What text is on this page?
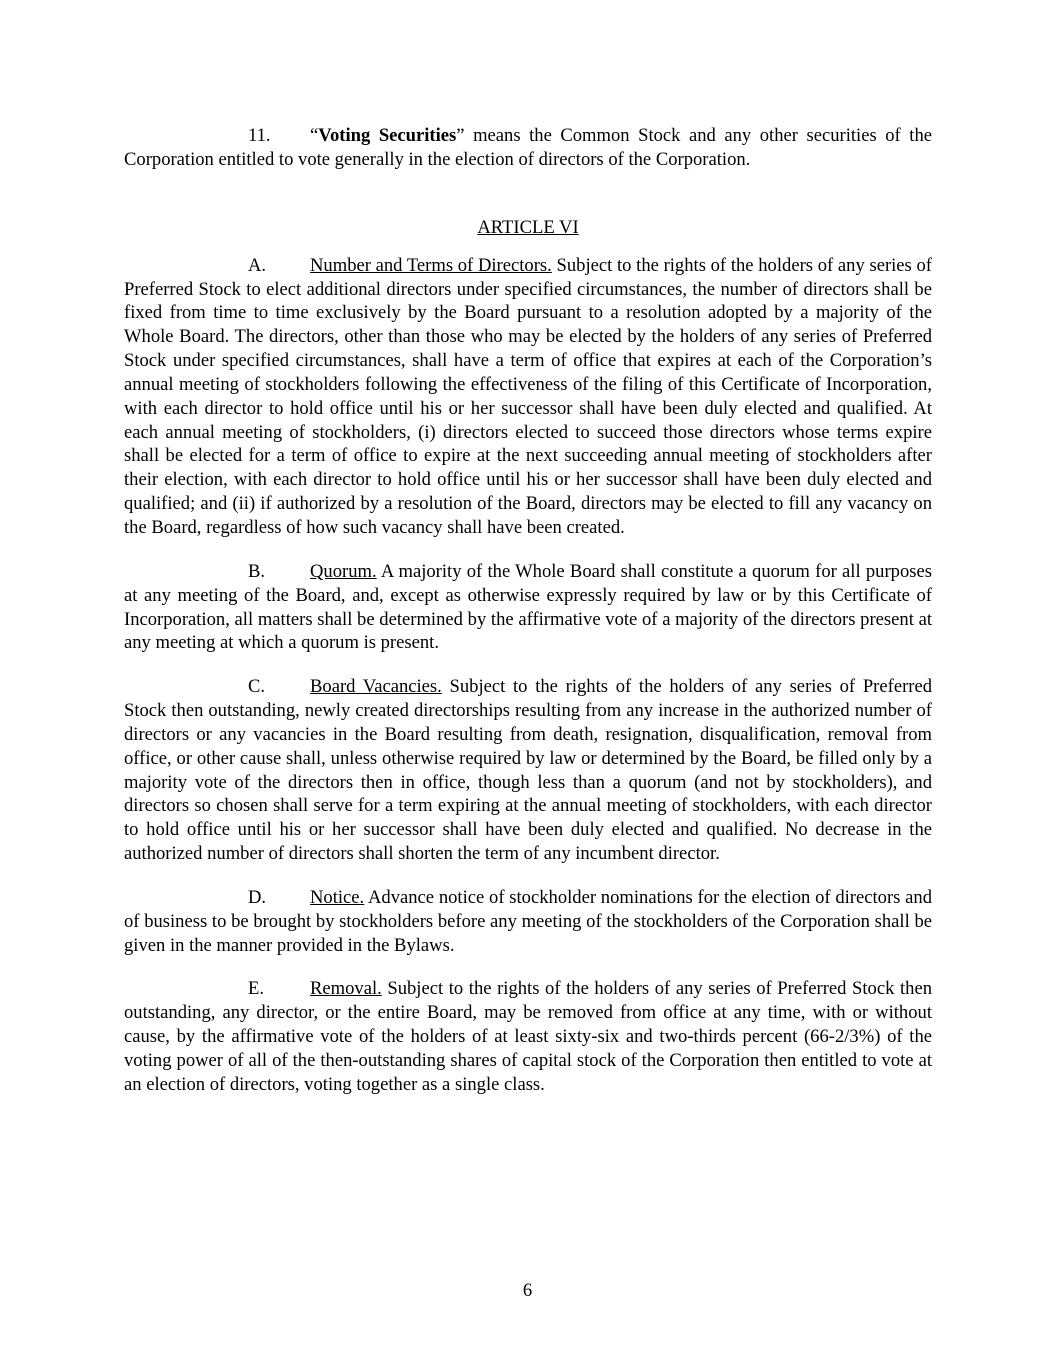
11. “Voting Securities” means the Common Stock and any other securities of the Corporation entitled to vote generally in the election of directors of the Corporation.

ARTICLE VI

A. Number and Terms of Directors. Subject to the rights of the holders of any series of Preferred Stock to elect additional directors under specified circumstances, the number of directors shall be fixed from time to time exclusively by the Board pursuant to a resolution adopted by a majority of the Whole Board. The directors, other than those who may be elected by the holders of any series of Preferred Stock under specified circumstances, shall have a term of office that expires at each of the Corporation’s annual meeting of stockholders following the effectiveness of the filing of this Certificate of Incorporation, with each director to hold office until his or her successor shall have been duly elected and qualified. At each annual meeting of stockholders, (i) directors elected to succeed those directors whose terms expire shall be elected for a term of office to expire at the next succeeding annual meeting of stockholders after their election, with each director to hold office until his or her successor shall have been duly elected and qualified; and (ii) if authorized by a resolution of the Board, directors may be elected to fill any vacancy on the Board, regardless of how such vacancy shall have been created.

B. Quorum. A majority of the Whole Board shall constitute a quorum for all purposes at any meeting of the Board, and, except as otherwise expressly required by law or by this Certificate of Incorporation, all matters shall be determined by the affirmative vote of a majority of the directors present at any meeting at which a quorum is present.

C. Board Vacancies. Subject to the rights of the holders of any series of Preferred Stock then outstanding, newly created directorships resulting from any increase in the authorized number of directors or any vacancies in the Board resulting from death, resignation, disqualification, removal from office, or other cause shall, unless otherwise required by law or determined by the Board, be filled only by a majority vote of the directors then in office, though less than a quorum (and not by stockholders), and directors so chosen shall serve for a term expiring at the annual meeting of stockholders, with each director to hold office until his or her successor shall have been duly elected and qualified. No decrease in the authorized number of directors shall shorten the term of any incumbent director.

D. Notice. Advance notice of stockholder nominations for the election of directors and of business to be brought by stockholders before any meeting of the stockholders of the Corporation shall be given in the manner provided in the Bylaws.

E. Removal. Subject to the rights of the holders of any series of Preferred Stock then outstanding, any director, or the entire Board, may be removed from office at any time, with or without cause, by the affirmative vote of the holders of at least sixty-six and two-thirds percent (66-2/3%) of the voting power of all of the then-outstanding shares of capital stock of the Corporation then entitled to vote at an election of directors, voting together as a single class.

6
